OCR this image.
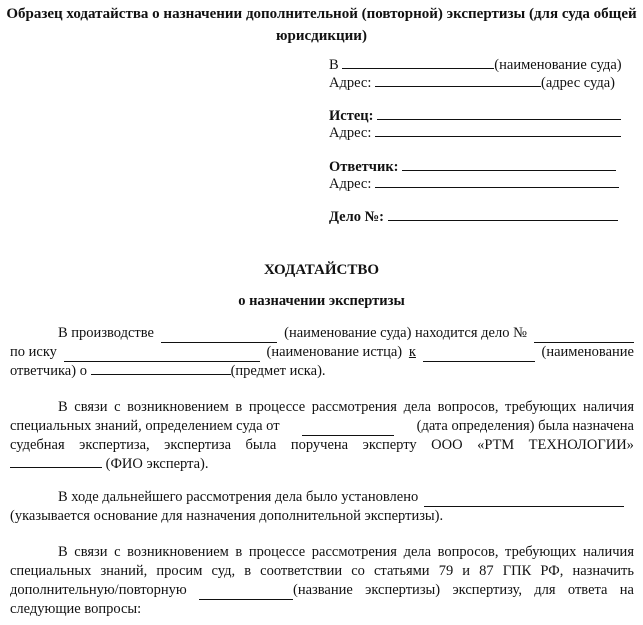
Образец ходатайства о назначении дополнительной (повторной) экспертизы (для суда общей
юрисдикции)
В	(наименование суда)
Адрес:	(адрес суда)
Истец:
Адрес:
Ответчик:
Адрес:
Дело №:
ХОДАТАЙСТВО
о назначении экспертизы
В производстве	(наименование суда) находится дело №
по иску	(наименование истца) к	(наименование
ответчика) о	(предмет иска).
В связи с возникновением в процессе рассмотрения дела вопросов, требующих наличия
специальных знаний, определением суда от	(дата определения) была назначена
судебная экспертиза, экспертиза была поручена эксперту ООО «РТМ ТЕХНОЛОГИИ»
(ФИО эксперта).
В ходе дальнейшего рассмотрения дела было установлено
(указывается основание для назначения дополнительной экспертизы).
В связи с возникновением в процессе рассмотрения дела вопросов, требующих наличия
специальных знаний, просим суд, в соответствии со статьями 79 и 87 ГПК РФ, назначить
дополнительную/повторную	(название экспертизы) экспертизу, для ответа на
следующие вопросы:
